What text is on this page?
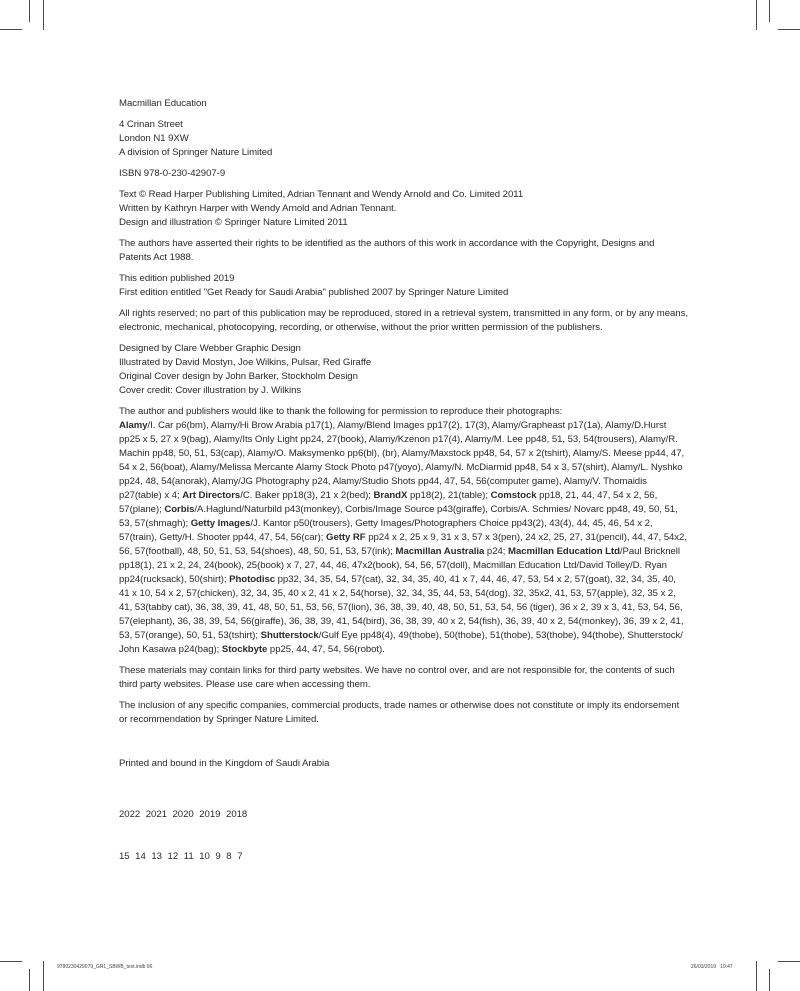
Macmillan Education
4 Crinan Street
London N1 9XW
A division of Springer Nature Limited
ISBN 978-0-230-42907-9
Text © Read Harper Publishing Limited, Adrian Tennant and Wendy Arnold and Co. Limited 2011
Written by Kathryn Harper with Wendy Arnold and Adrian Tennant.
Design and illustration © Springer Nature Limited 2011
The authors have asserted their rights to be identified as the authors of this work in accordance with the Copyright, Designs and Patents Act 1988.
This edition published 2019
First edition entitled "Get Ready for Saudi Arabia" published 2007 by Springer Nature Limited
All rights reserved; no part of this publication may be reproduced, stored in a retrieval system, transmitted in any form, or by any means, electronic, mechanical, photocopying, recording, or otherwise, without the prior written permission of the publishers.
Designed by Clare Webber Graphic Design
Illustrated by David Mostyn, Joe Wilkins, Pulsar, Red Giraffe
Original Cover design by John Barker, Stockholm Design
Cover credit: Cover illustration by J. Wilkins
The author and publishers would like to thank the following for permission to reproduce their photographs:
Alamy/I. Car p6(bm), Alamy/Hi Brow Arabia p17(1), Alamy/Blend Images pp17(2), 17(3), Alamy/Grapheast p17(1a), Alamy/D.Hurst pp25 x 5, 27 x 9(bag), Alamy/Its Only Light pp24, 27(book), Alamy/Kzenon p17(4), Alamy/M. Lee pp48, 51, 53, 54(trousers), Alamy/R. Machin pp48, 50, 51, 53(cap), Alamy/O. Maksymenko pp6(bl), (br), Alamy/Maxstock pp48, 54, 57 x 2(tshirt), Alamy/S. Meese pp44, 47, 54 x 2, 56(boat), Alamy/Melissa Mercante Alamy Stock Photo p47(yoyo), Alamy/N. McDiarmid pp48, 54 x 3, 57(shirt), Alamy/L. Nyshko pp24, 48, 54(anorak), Alamy/JG Photography p24, Alamy/Studio Shots pp44, 47, 54, 56(computer game), Alamy/V. Thomaidis p27(table) x 4; Art Directors/C. Baker pp18(3), 21 x 2(bed); BrandX pp18(2), 21(table); Comstock pp18, 21, 44, 47, 54 x 2, 56, 57(plane); Corbis/A.Haglund/Naturbild p43(monkey), Corbis/Image Source p43(giraffe), Corbis/A. Schmies/ Novarc pp48, 49, 50, 51, 53, 57(shmagh); Getty Images/J. Kantor p50(trousers), Getty Images/Photographers Choice pp43(2), 43(4), 44, 45, 46, 54 x 2, 57(train), Getty/H. Shooter pp44, 47, 54, 56(car); Getty RF pp24 x 2, 25 x 9, 31 x 3, 57 x 3(pen), 24 x2, 25, 27, 31(pencil), 44, 47, 54x2, 56, 57(football), 48, 50, 51, 53, 54(shoes), 48, 50, 51, 53, 57(ink); Macmillan Australia p24; Macmillan Education Ltd/Paul Bricknell pp18(1), 21 x 2, 24, 24(book), 25(book) x 7, 27, 44, 46, 47x2(book), 54, 56, 57(doll), Macmillan Education Ltd/David Tolley/D. Ryan pp24(rucksack), 50(shirt); Photodisc pp32, 34, 35, 54, 57(cat), 32, 34, 35, 40, 41 x 7, 44, 46, 47, 53, 54 x 2, 57(goat), 32, 34, 35, 40, 41 x 10, 54 x 2, 57(chicken), 32, 34, 35, 40 x 2, 41 x 2, 54(horse), 32, 34, 35, 44, 53, 54(dog), 32, 35x2, 41, 53, 57(apple), 32, 35 x 2, 41, 53(tabby cat), 36, 38, 39, 41, 48, 50, 51, 53, 56, 57(lion), 36, 38, 39, 40, 48, 50, 51, 53, 54, 56 (tiger), 36 x 2, 39 x 3, 41, 53, 54, 56, 57(elephant), 36, 38, 39, 54, 56(giraffe), 36, 38, 39, 41, 54(bird), 36, 38, 39, 40 x 2, 54(fish), 36, 39, 40 x 2, 54(monkey), 36, 39 x 2, 41, 53, 57(orange), 50, 51, 53(tshirt); Shutterstock/Gulf Eye pp48(4), 49(thobe), 50(thobe), 51(thobe), 53(thobe), 94(thobe), Shutterstock/ John Kasawa p24(bag); Stockbyte pp25, 44, 47, 54, 56(robot).
These materials may contain links for third party websites. We have no control over, and are not responsible for, the contents of such third party websites. Please use care when accessing them.
The inclusion of any specific companies, commercial products, trade names or otherwise does not constitute or imply its endorsement or recommendation by Springer Nature Limited.
Printed and bound in the Kingdom of Saudi Arabia

2022 2021 2020 2019 2018

15 14 13 12 11 10 9 8 7

9780230429079_GR1_SBWB_text.indb 96	26/03/2019   10:47
